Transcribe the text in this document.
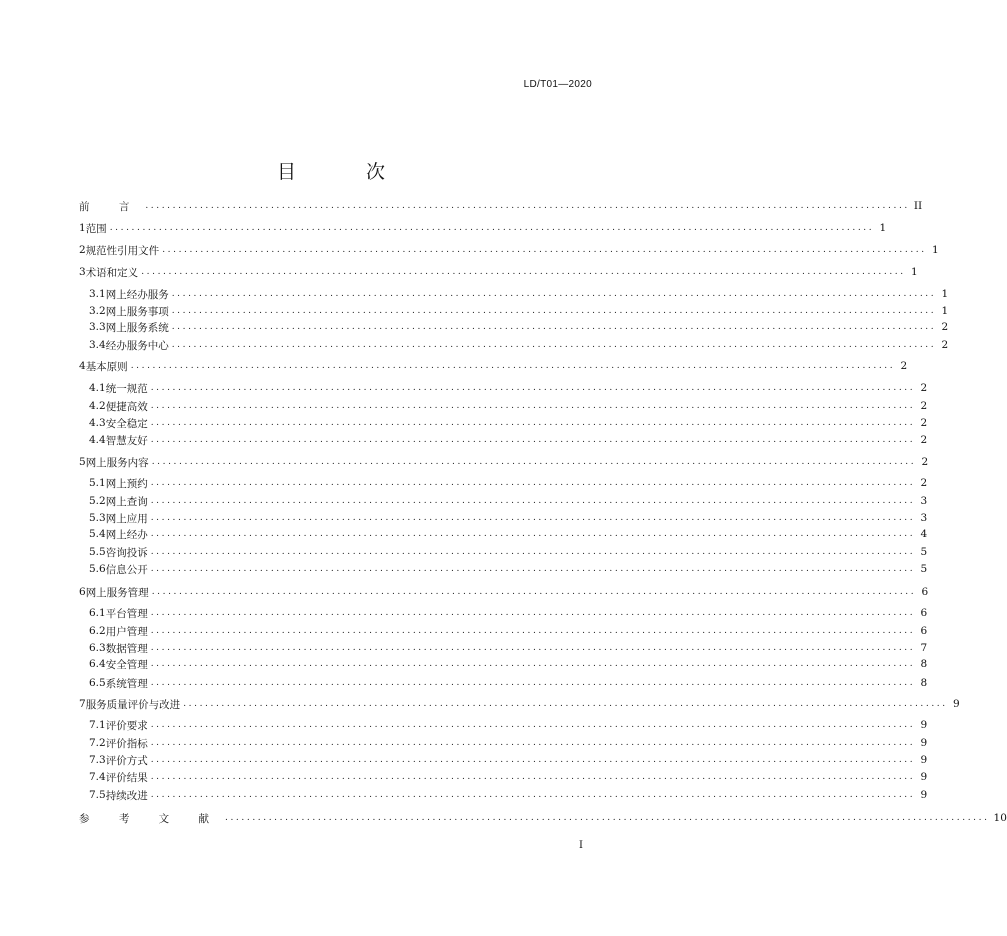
LD/T01—2020
目 次
前 言 ............................................................................................................................................ II
1 范围 ............................................................................................................................................ 1
2 规范性引用文件 ............................................................................................................................................ 1
3 术语和定义 ............................................................................................................................................ 1
3.1 网上经办服务 ............................................................................................................................................ 1
3.2 网上服务事项 ............................................................................................................................................ 1
3.3 网上服务系统 ............................................................................................................................................ 2
3.4 经办服务中心 ............................................................................................................................................ 2
4 基本原则 ............................................................................................................................................ 2
4.1 统一规范 ............................................................................................................................................ 2
4.2 便捷高效 ............................................................................................................................................ 2
4.3 安全稳定 ............................................................................................................................................ 2
4.4 智慧友好 ............................................................................................................................................ 2
5 网上服务内容 ............................................................................................................................................ 2
5.1 网上预约 ............................................................................................................................................ 2
5.2 网上查询 ............................................................................................................................................ 3
5.3 网上应用 ............................................................................................................................................ 3
5.4 网上经办 ............................................................................................................................................ 4
5.5 咨询投诉 ............................................................................................................................................ 5
5.6 信息公开 ............................................................................................................................................ 5
6 网上服务管理 ............................................................................................................................................ 6
6.1 平台管理 ............................................................................................................................................ 6
6.2 用户管理 ............................................................................................................................................ 6
6.3 数据管理 ............................................................................................................................................ 7
6.4 安全管理 ............................................................................................................................................ 8
6.5 系统管理 ............................................................................................................................................ 8
7 服务质量评价与改进 ............................................................................................................................................ 9
7.1 评价要求 ............................................................................................................................................ 9
7.2 评价指标 ............................................................................................................................................ 9
7.3 评价方式 ............................................................................................................................................ 9
7.4 评价结果 ............................................................................................................................................ 9
7.5 持续改进 ............................................................................................................................................ 9
参 考 文 献 ............................................................................................................................................ 10
I
